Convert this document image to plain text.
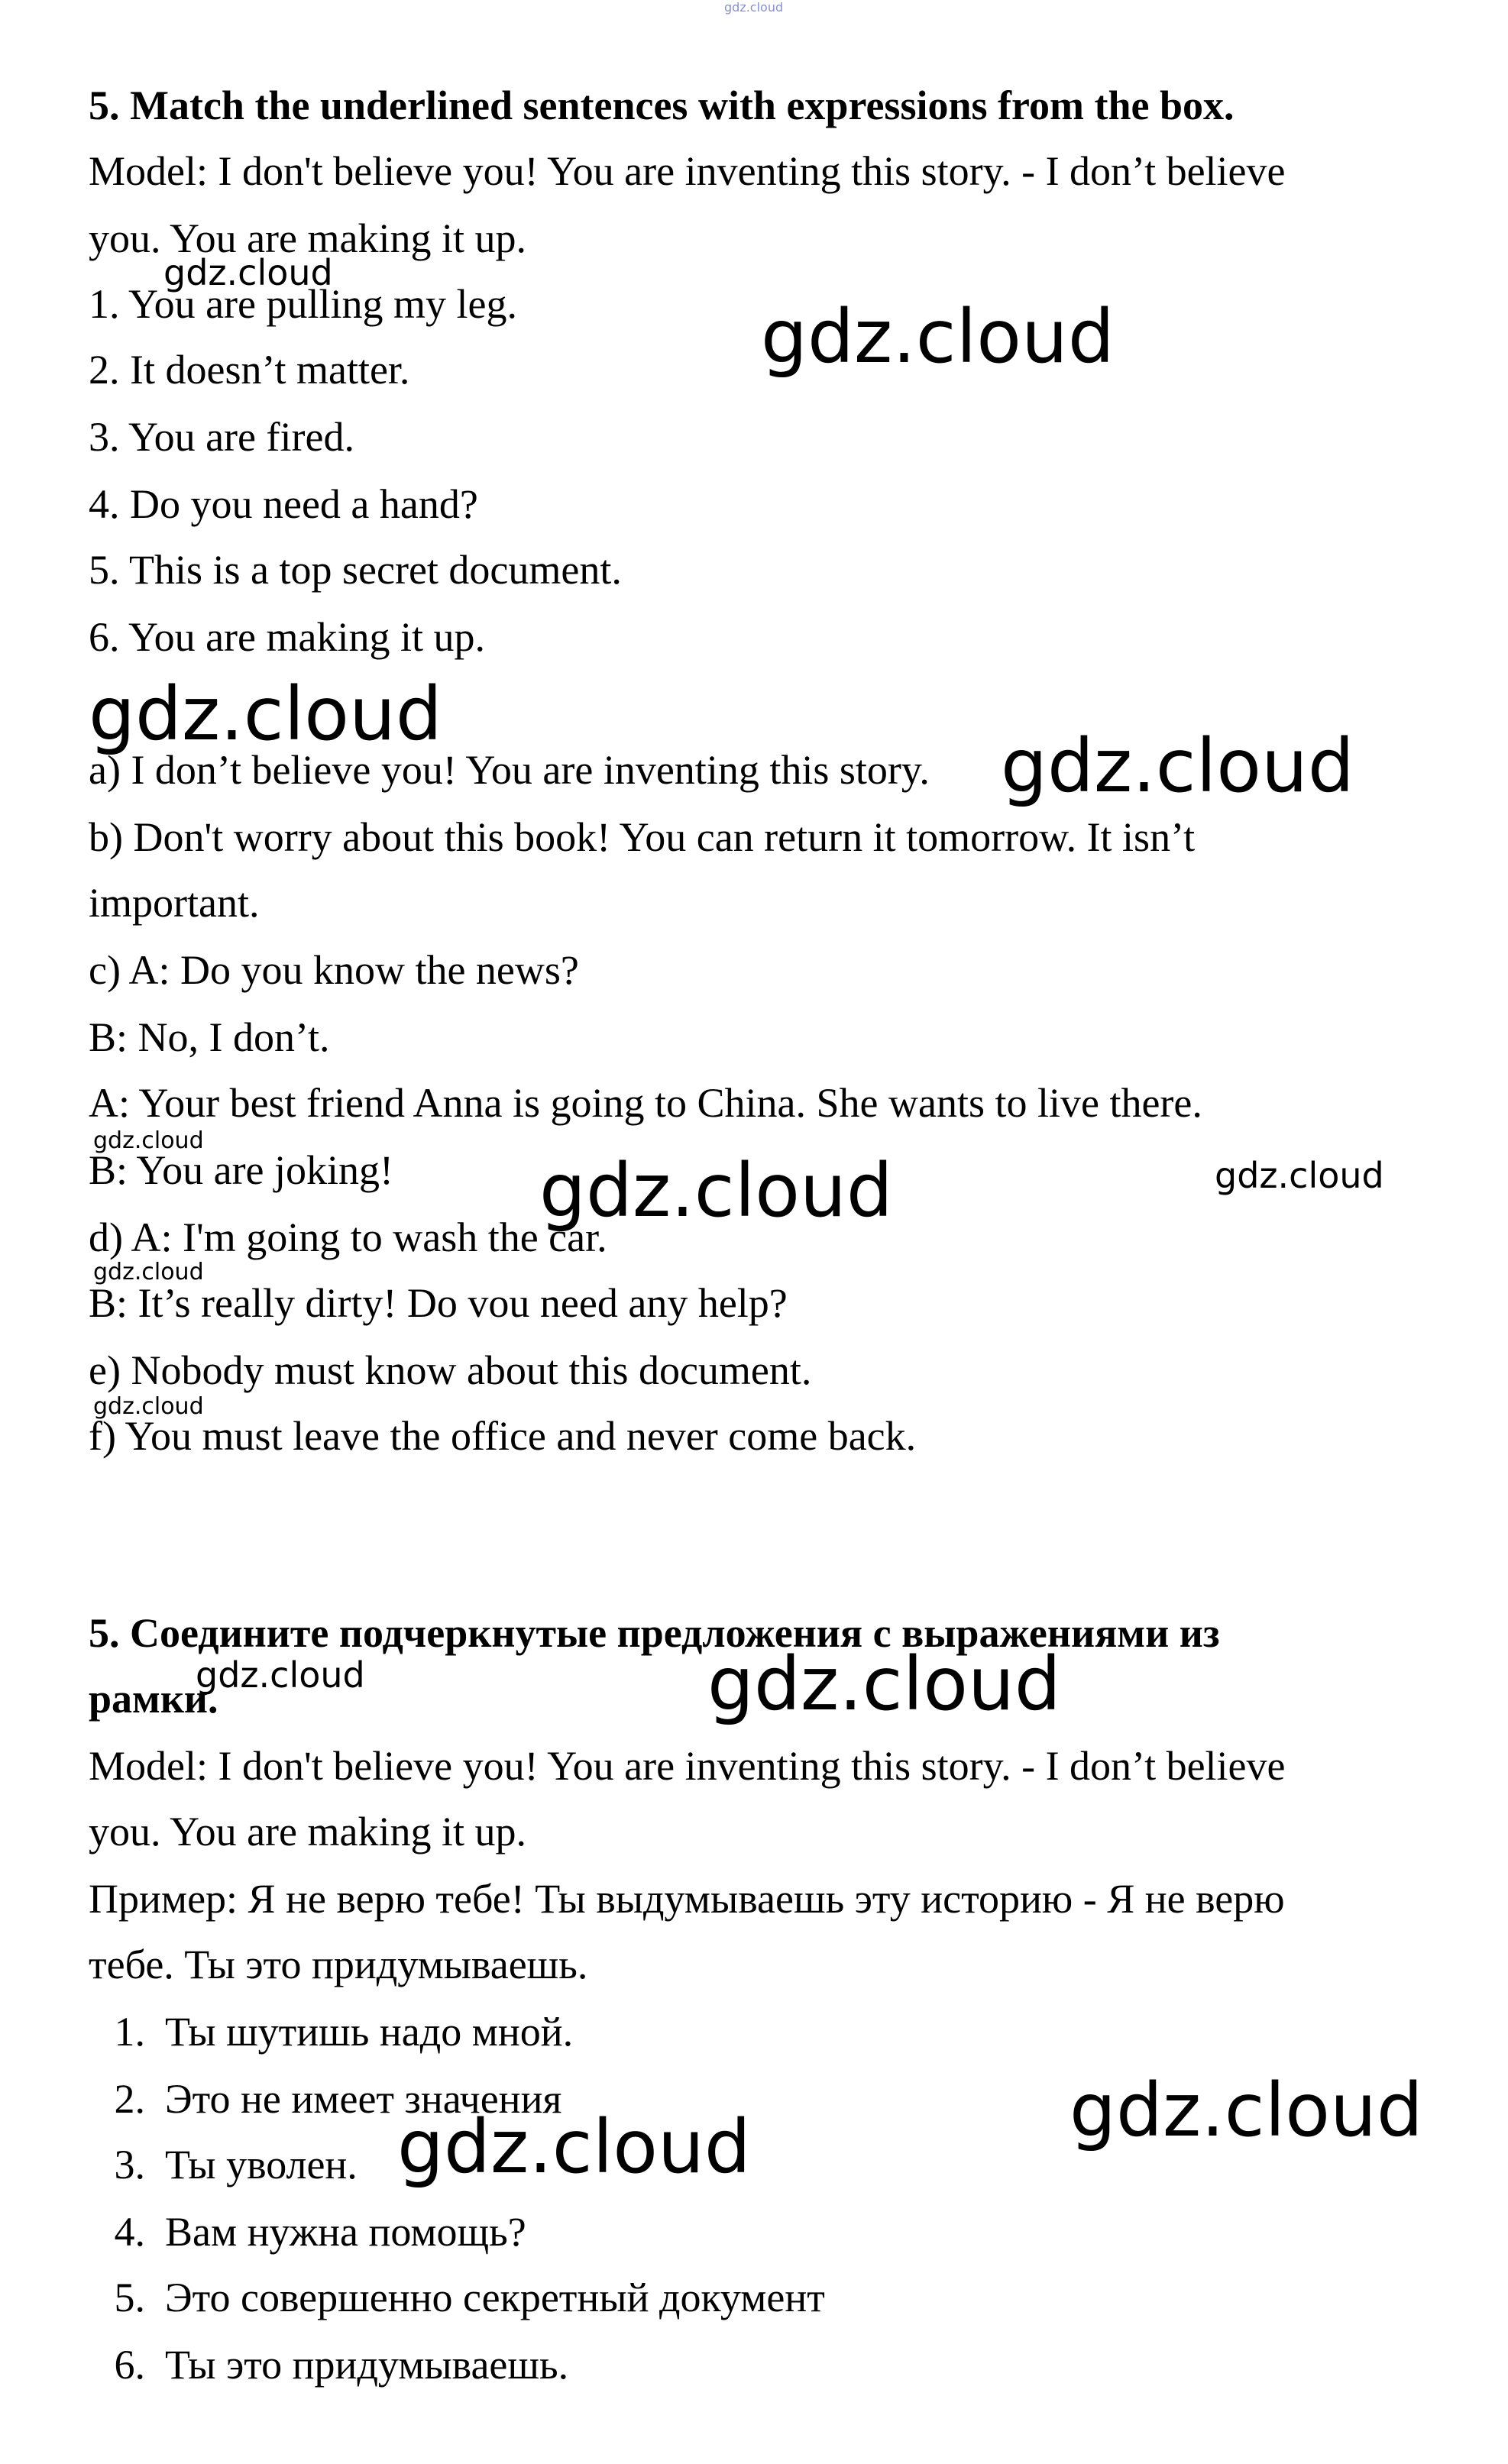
gdz.cloud

5. Match the underlined sentences with expressions from the box.

Model: I don't believe you! You are inventing this story. - I don’t believe

you. You are making it up.

1. You are pulling my leg.

2. It doesn’t matter.

3. You are fired.

4. Do you need a hand?

5. This is a top secret document.

6. You are making it up.

a) I don’t believe you! You are inventing this story.

b) Don't worry about this book! You can return it tomorrow. It isn’t

important.

c) A: Do you know the news?

B: No, I don’t.

A: Your best friend Anna is going to China. She wants to live there.

B: You are joking!

d) A: I'm going to wash the car.

B: It’s really dirty! Do vou need any help?

e) Nobody must know about this document.

f) You must leave the office and never come back.

5. Соедините подчеркнутые предложения с выражениями из

рамки.

Model: I don't believe you! You are inventing this story. - I don’t believe

you. You are making it up.

Пример: Я не верю тебе! Ты выдумываешь эту историю - Я не верю

тебе. Ты это придумываешь.

1. Ты шутишь надо мной.

2. Это не имеет значения

3. Ты уволен.

4. Вам нужна помощь?

5. Это совершенно секретный документ

6. Ты это придумываешь.

gdz.cloud

gdz.cloud

gdz.cloud

gdz.cloud

gdz.cloud

gdz.cloud	gdz.cloud

gdz.cloud

gdz.cloud

gdz.cloud	gdz.cloud

gdz.cloud

gdz.cloud
